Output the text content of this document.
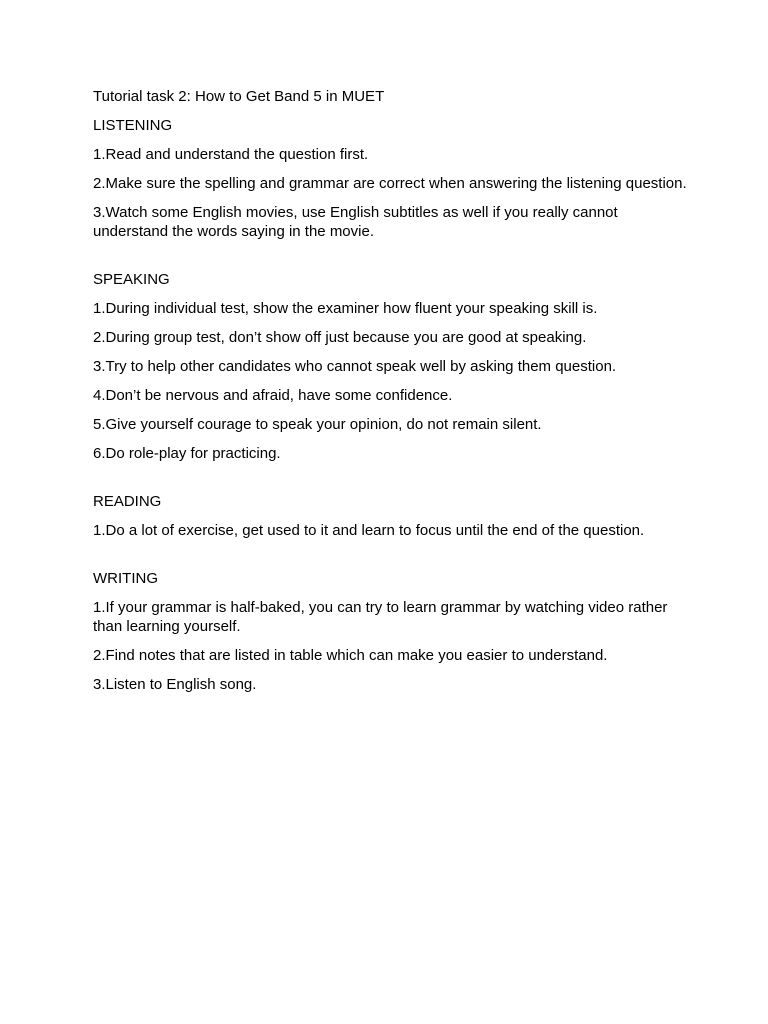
Tutorial task 2: How to Get Band 5 in MUET

LISTENING

1.Read and understand the question first.

2.Make sure the spelling and grammar are correct when answering the listening question.

3.Watch some English movies, use English subtitles as well if you really cannot understand the words saying in the movie.

SPEAKING

1.During individual test, show the examiner how fluent your speaking skill is.

2.During group test, don’t show off just because you are good at speaking.

3.Try to help other candidates who cannot speak well by asking them question.

4.Don’t be nervous and afraid, have some confidence.

5.Give yourself courage to speak your opinion, do not remain silent.

6.Do role-play for practicing.

READING

1.Do a lot of exercise, get used to it and learn to focus until the end of the question.

WRITING

1.If your grammar is half-baked, you can try to learn grammar by watching video rather than learning yourself.

2.Find notes that are listed in table which can make you easier to understand.

3.Listen to English song.
